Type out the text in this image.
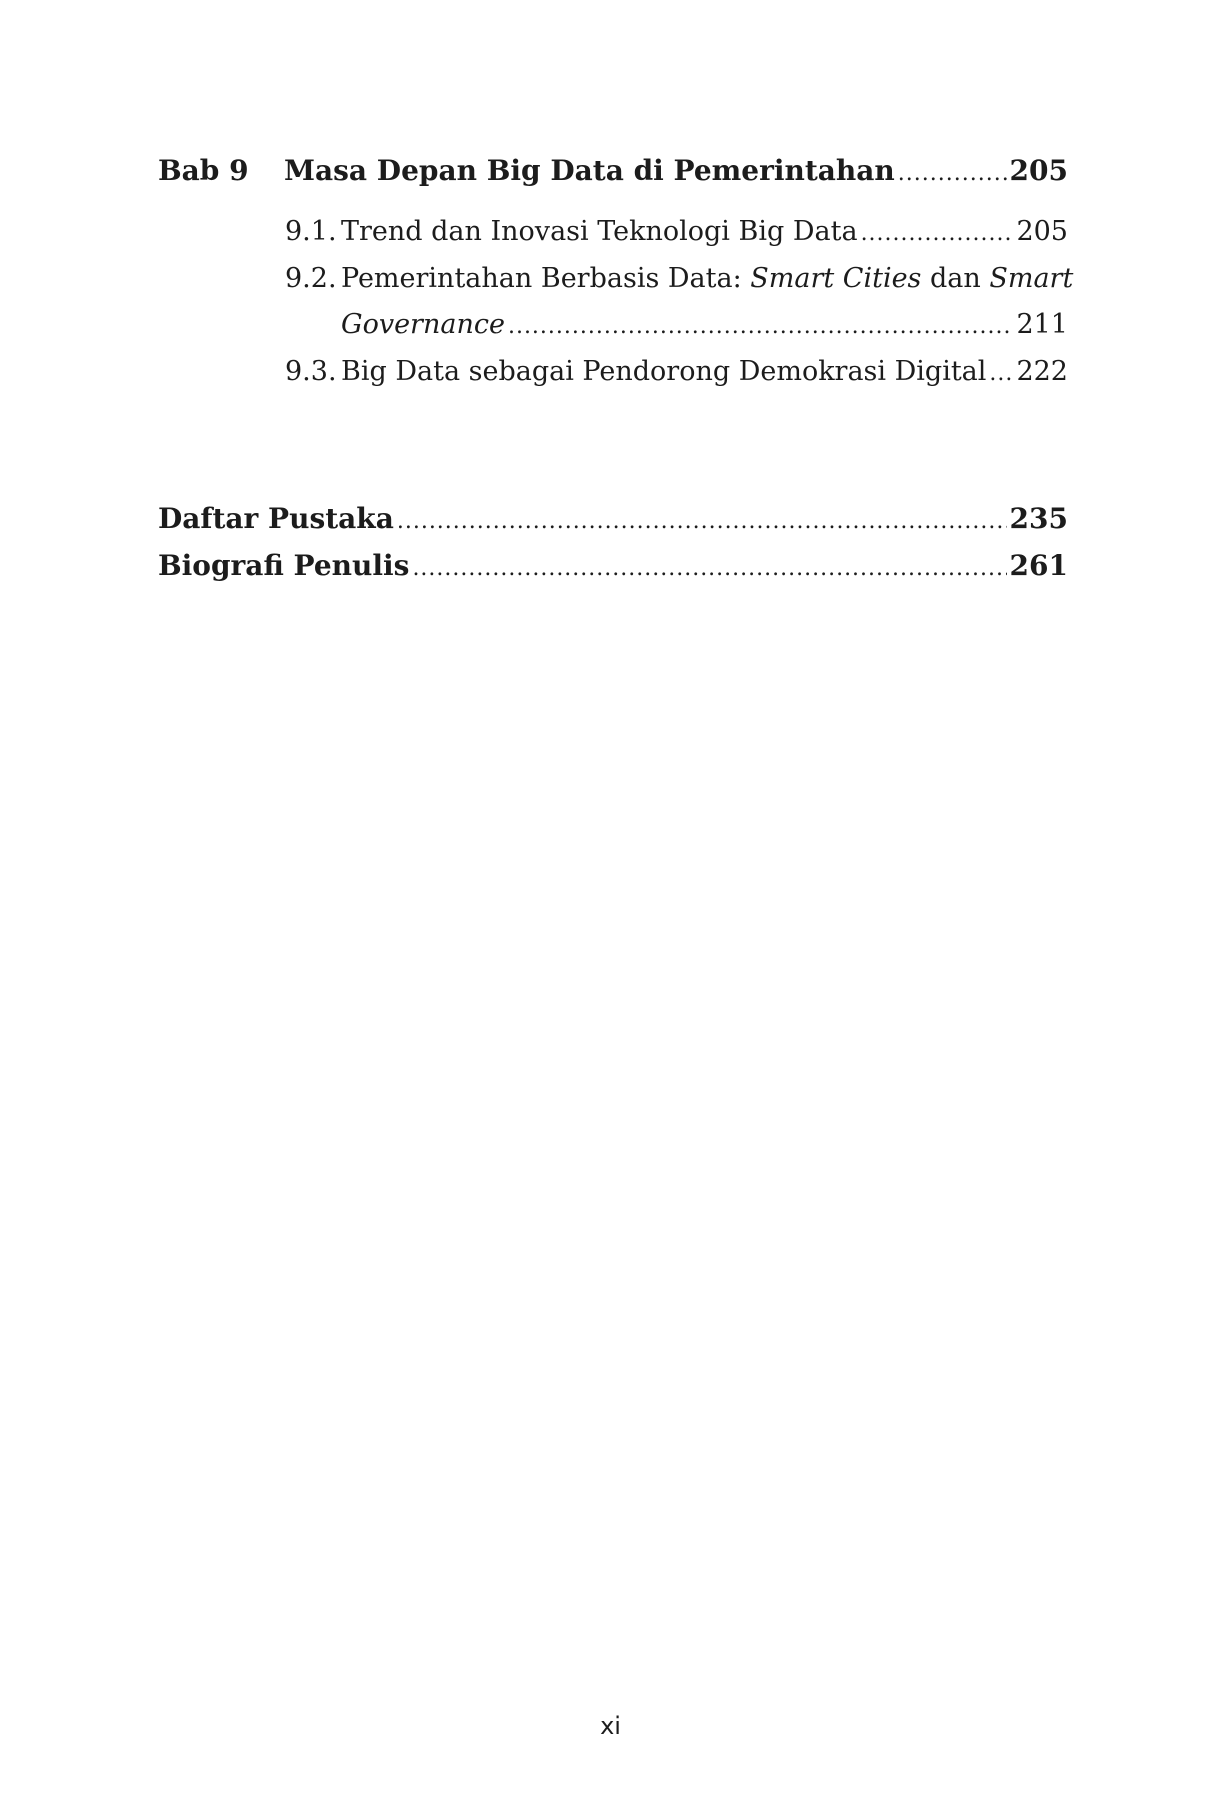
Bab 9	Masa Depan Big Data di Pemerintahan .....	205
9.1. Trend dan Inovasi Teknologi Big Data .....	205
9.2. Pemerintahan Berbasis Data: Smart Cities dan Smart
Governance .....	211
9.3. Big Data sebagai Pendorong Demokrasi Digital ..... 222
Daftar Pustaka .....	235
Biografi Penulis .....	261
xi
